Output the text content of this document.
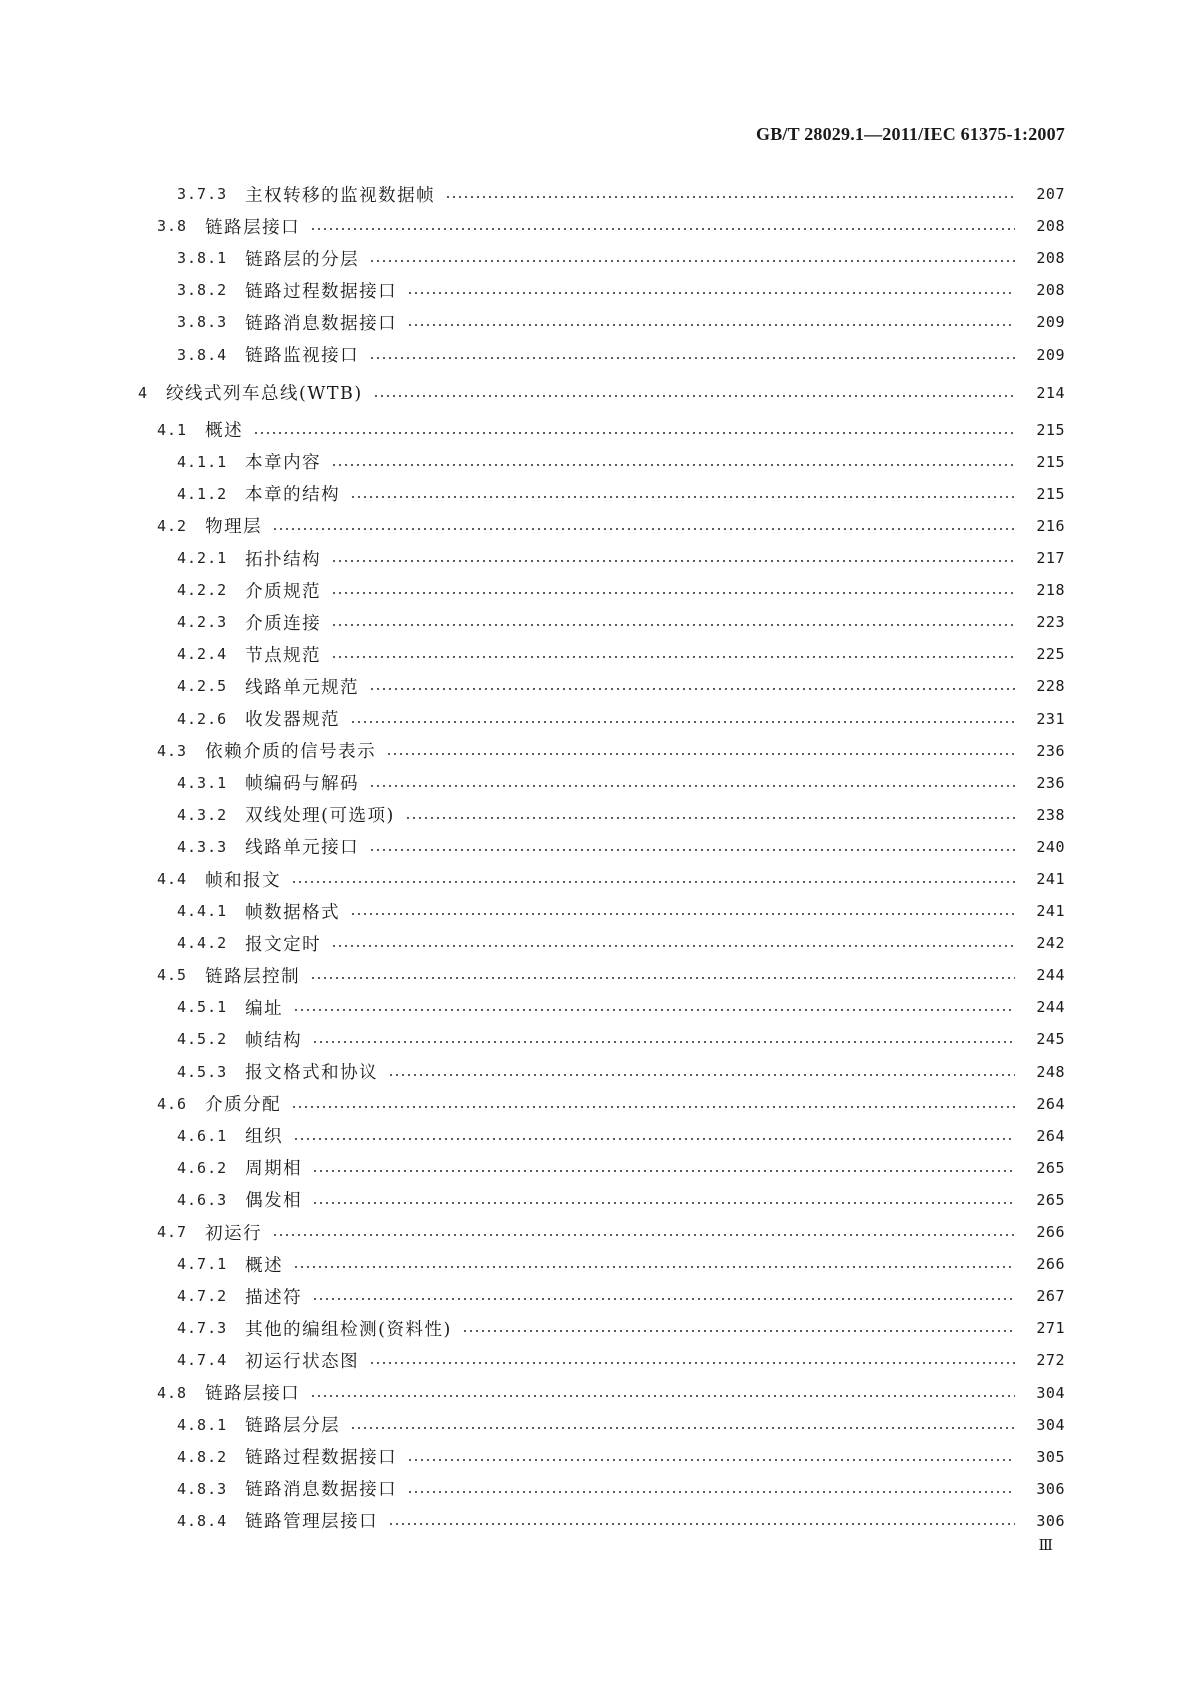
GB/T 28029.1—2011/IEC 61375-1:2007
3.7.3 主权转移的监视数据帧	207
3.8 链路层接口	208
3.8.1 链路层的分层	208
3.8.2 链路过程数据接口	208
3.8.3 链路消息数据接口	209
3.8.4 链路监视接口	209
4 绞线式列车总线(WTB)	214
4.1 概述	215
4.1.1 本章内容	215
4.1.2 本章的结构	215
4.2 物理层	216
4.2.1 拓扑结构	217
4.2.2 介质规范	218
4.2.3 介质连接	223
4.2.4 节点规范	225
4.2.5 线路单元规范	228
4.2.6 收发器规范	231
4.3 依赖介质的信号表示	236
4.3.1 帧编码与解码	236
4.3.2 双线处理(可选项)	238
4.3.3 线路单元接口	240
4.4 帧和报文	241
4.4.1 帧数据格式	241
4.4.2 报文定时	242
4.5 链路层控制	244
4.5.1 编址	244
4.5.2 帧结构	245
4.5.3 报文格式和协议	248
4.6 介质分配	264
4.6.1 组织	264
4.6.2 周期相	265
4.6.3 偶发相	265
4.7 初运行	266
4.7.1 概述	266
4.7.2 描述符	267
4.7.3 其他的编组检测(资料性)	271
4.7.4 初运行状态图	272
4.8 链路层接口	304
4.8.1 链路层分层	304
4.8.2 链路过程数据接口	305
4.8.3 链路消息数据接口	306
4.8.4 链路管理层接口	306
Ⅲ
